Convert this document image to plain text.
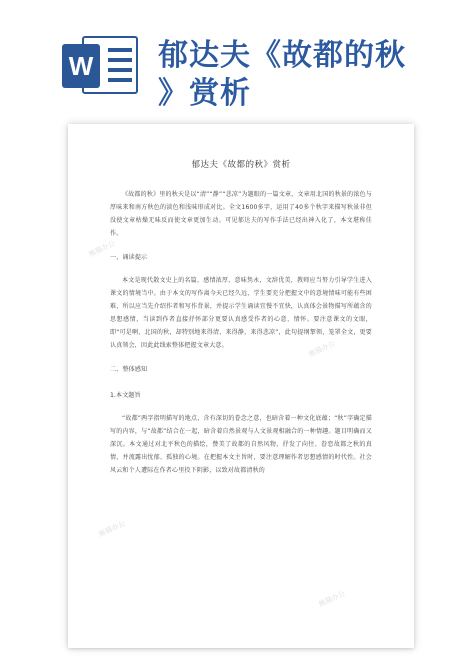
W 郁达夫《故都的秋
》赏析
熊猫办公
熊猫办公
熊猫办公
熊猫办公
郁达夫《故都的秋》赏析

《故都的秋》里的秋天是以“清”“静”“悲凉”为题眼的一篇文章，文章用北国的秋景的浓色与厚味来和南方秋色的淡色和浅味形成对比。全文1600多字，运用了40多个秋字来描写秋景非但没使文章枯燥无味反而使文章更加生动。可见郁达夫的写作手法已经出神入化了，本文堪称佳作。

一、诵读提示

本文是现代散文史上的名篇，感情浓厚，意味隽永，文辞优美，教师应当努力引导学生进入课文的情境当中。由于本文的写作离今天已经久远，学生要充分把握文中的意境情味可能有些困难，所以应当先介绍作者和写作背景，并提示学生诵读宜慢不宜快，认真体会景物描写所蕴含的思想感情，当读到作者直接抒怀部分更要认真感受作者的心意、情怀。要注意课文的文眼，即“可是啊，北国的秋，却特别地来得清，来得静，来得悲凉”，此句提纲挈领，笼罩全文，更要认真领会，因此此线索整体把握文章大意。

二、整体感知
1.本文题旨

“故都”两字指明描写的地点，含有深切的眷念之意，也暗含着一种文化底蕴；“秋”字确定描写的内容，与“故都”结合在一起，暗含着自然景观与人文景观相融合的一种情趣。题目明确而又深沉。本文通过对北平秋色的描绘，赞美了故都的自然风物，抒发了向往、眷恋故都之秋的真情，并流露出忧郁、孤独的心境。在把握本文主旨时，要注意理解作者思想感情的时代性。社会风云和个人遭际在作者心里投下阴影，以致对故都清秋的
